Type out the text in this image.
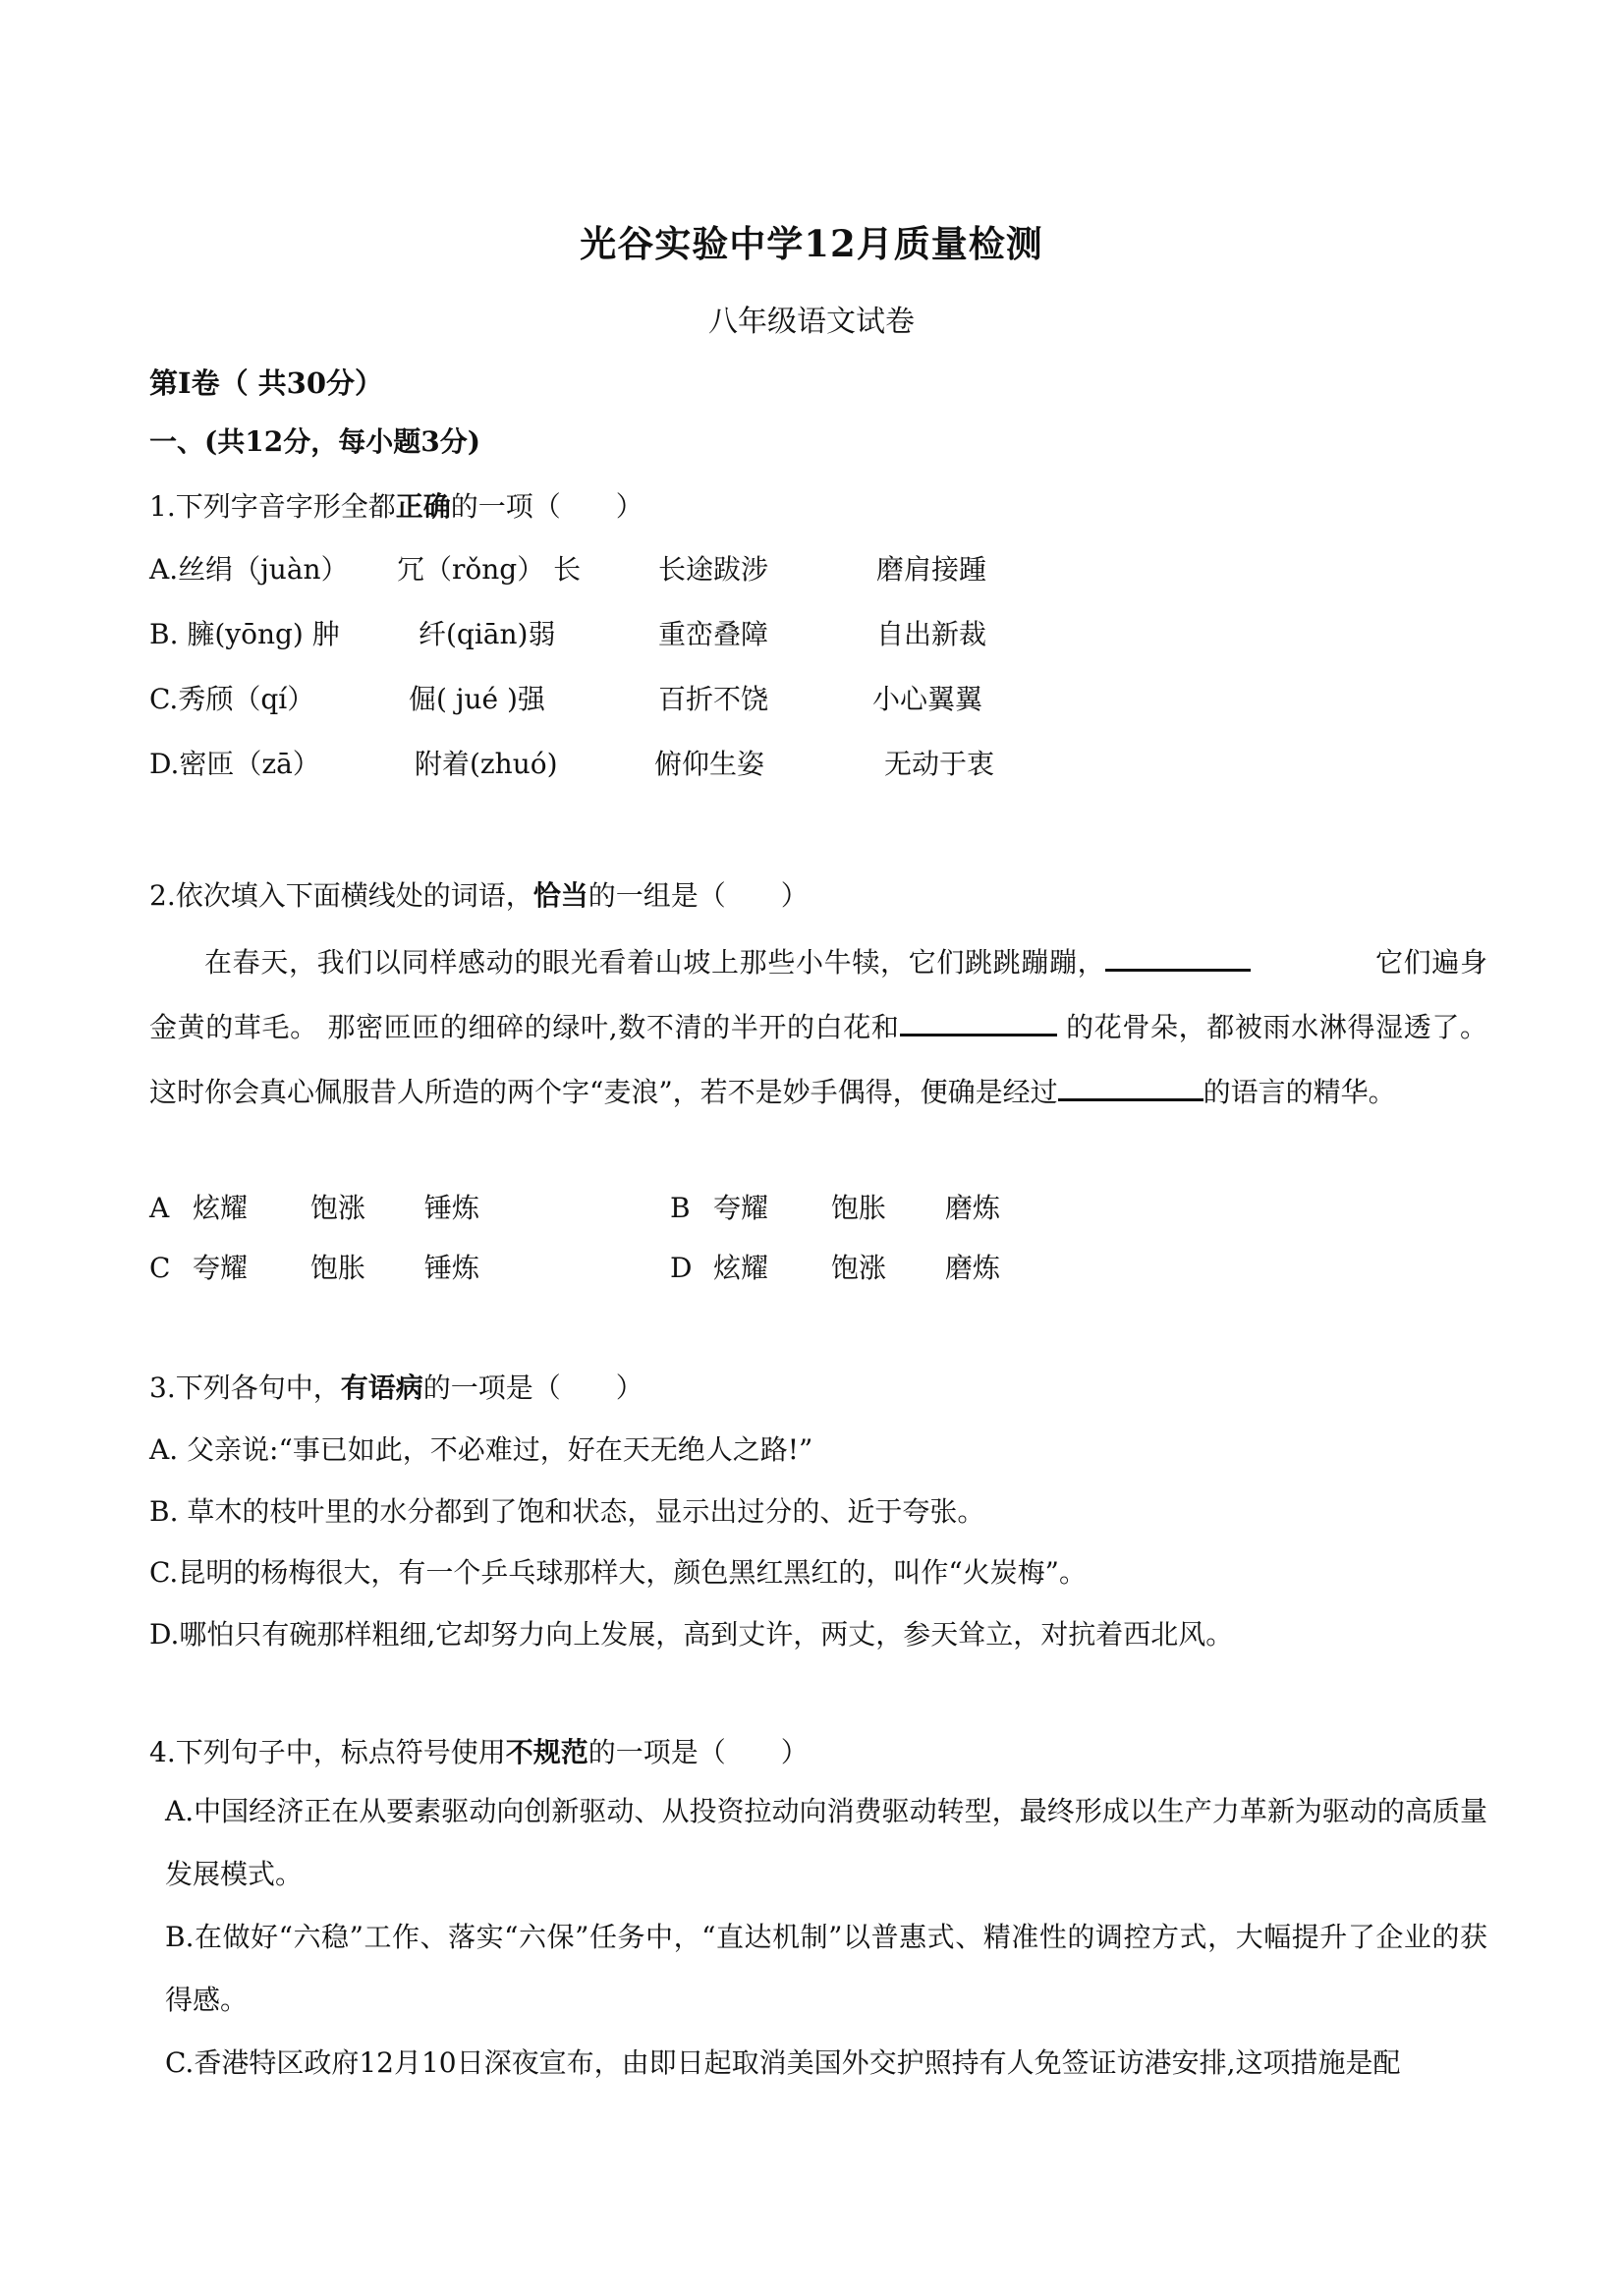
光谷实验中学12月质量检测
八年级语文试卷
第Ⅰ卷（ 共30分）
一、(共12分，每小题3分)
1.下列字音字形全都正确的一项（　　）
A.丝绢（juàn） 冗（rǒng） 长	长途跋涉	磨肩接踵
B. 臃(yōng) 肿	纤(qiān)弱	重峦叠障	自出新裁
C.秀颀（qí）	倔( jué )强	百折不饶	小心翼翼
D.密匝（zā）	附着(zhuó)	俯仰生姿	无动于衷
2.依次填入下面横线处的词语，恰当的一组是（　　）
在春天，我们以同样感动的眼光看着山坡上那些小牛犊，它们跳跳蹦蹦，	它们遍身金黄的茸毛。 那密匝匝的细碎的绿叶,数不清的半开的白花和	的花骨朵，都被雨水淋得湿透了。这时你会真心佩服昔人所造的两个字“麦浪”，若不是妙手偶得，便确是经过	的语言的精华。
A 炫耀 饱涨 锤炼	B 夸耀 饱胀 磨炼
C 夸耀 饱胀 锤炼	D 炫耀 饱涨 磨炼
3.下列各句中，有语病的一项是（　　）
A. 父亲说:“事已如此，不必难过，好在天无绝人之路!”
B. 草木的枝叶里的水分都到了饱和状态，显示出过分的、近于夸张。
C.昆明的杨梅很大，有一个乒乓球那样大，颜色黑红黑红的，叫作“火炭梅”。
D.哪怕只有碗那样粗细,它却努力向上发展，高到丈许，两丈，参天耸立，对抗着西北风。
4.下列句子中，标点符号使用不规范的一项是（　　）
A.中国经济正在从要素驱动向创新驱动、从投资拉动向消费驱动转型，最终形成以生产力革新为驱动的高质量发展模式。
B.在做好“六稳”工作、落实“六保”任务中，“直达机制”以普惠式、精准性的调控方式，大幅提升了企业的获得感。
C.香港特区政府12月10日深夜宣布，由即日起取消美国外交护照持有人免签证访港安排,这项措施是配
